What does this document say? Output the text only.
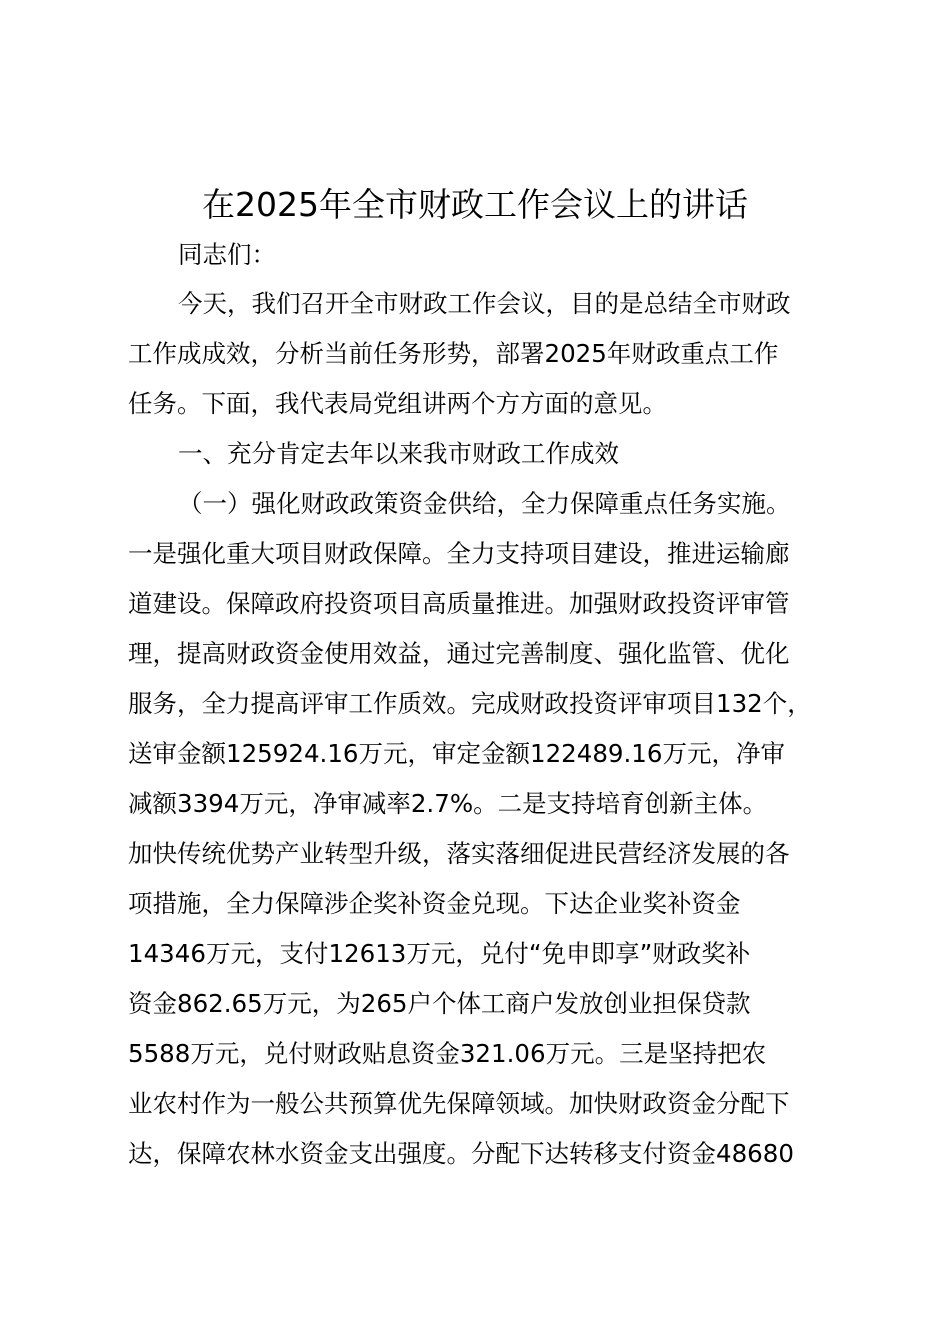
在2025年全市财政工作会议上的讲话

同志们：

今天，我们召开全市财政工作会议，目的是总结全市财政

工作成成效，分析当前任务形势，部署2025年财政重点工作

任务。下面，我代表局党组讲两个方方面的意见。

一、充分肯定去年以来我市财政工作成效

（一）强化财政政策资金供给，全力保障重点任务实施。

一是强化重大项目财政保障。全力支持项目建设，推进运输廊

道建设。保障政府投资项目高质量推进。加强财政投资评审管

理，提高财政资金使用效益，通过完善制度、强化监管、优化

服务，全力提高评审工作质效。完成财政投资评审项目132个，

送审金额125924.16万元，审定金额122489.16万元，净审

减额3394万元，净审减率2.7%。二是支持培育创新主体。

加快传统优势产业转型升级，落实落细促进民营经济发展的各

项措施，全力保障涉企奖补资金兑现。下达企业奖补资金

14346万元，支付12613万元，兑付“免申即享”财政奖补

资金862.65万元，为265户个体工商户发放创业担保贷款

5588万元，兑付财政贴息资金321.06万元。三是坚持把农

业农村作为一般公共预算优先保障领域。加快财政资金分配下

达，保障农林水资金支出强度。分配下达转移支付资金48680
